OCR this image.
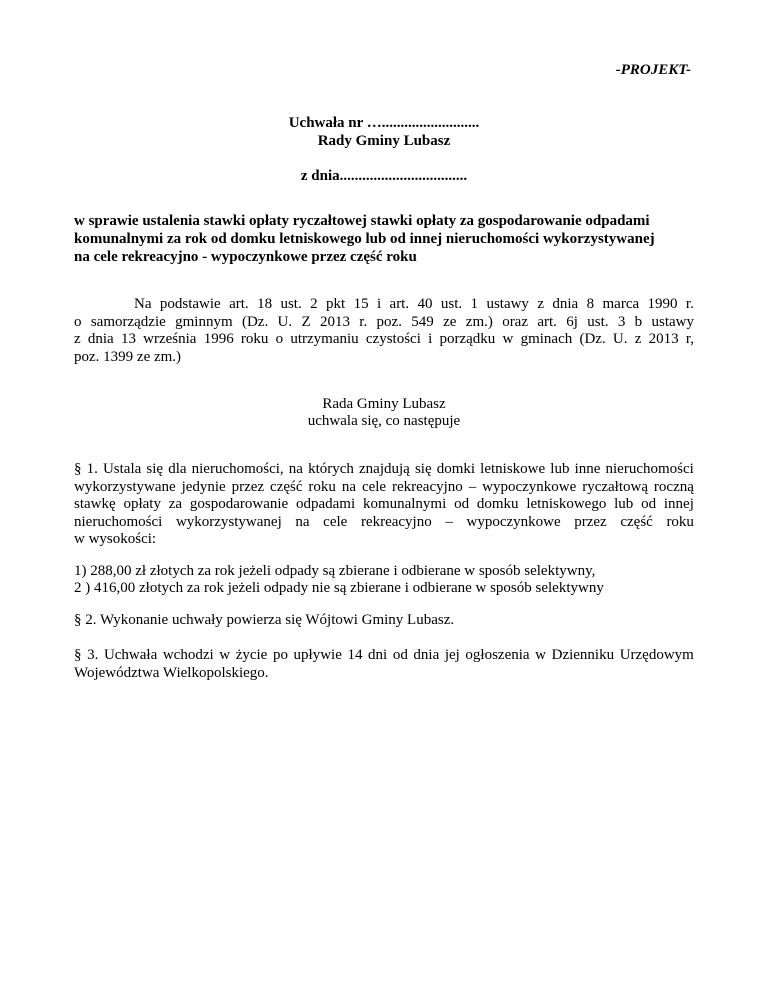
-PROJEKT-
Uchwała nr …..........................
Rady Gminy Lubasz
z dnia..................................
w sprawie ustalenia stawki opłaty ryczałtowej stawki opłaty za gospodarowanie odpadami
komunalnymi za rok od domku letniskowego lub od innej nieruchomości wykorzystywanej
na cele rekreacyjno - wypoczynkowe przez część roku
Na podstawie art. 18 ust. 2 pkt 15 i art. 40 ust. 1 ustawy z dnia 8 marca 1990 r.
o samorządzie gminnym (Dz. U. Z 2013 r. poz. 549 ze zm.) oraz art. 6j ust. 3 b ustawy
z dnia 13 września 1996 roku o utrzymaniu czystości i porządku w gminach (Dz. U. z 2013 r,
poz. 1399 ze zm.)
Rada Gminy Lubasz
uchwala się, co następuje
§ 1. Ustala się dla nieruchomości, na których znajdują się domki letniskowe lub inne nieruchomości
wykorzystywane jedynie przez część roku na cele rekreacyjno – wypoczynkowe ryczałtową roczną
stawkę opłaty za gospodarowanie odpadami komunalnymi od domku letniskowego lub od innej
nieruchomości wykorzystywanej na cele rekreacyjno – wypoczynkowe przez część roku
w wysokości:
1) 288,00 zł złotych za rok jeżeli odpady są zbierane i odbierane w sposób selektywny,
2 ) 416,00 złotych za rok jeżeli odpady nie są zbierane i odbierane w sposób selektywny
§ 2. Wykonanie uchwały powierza się Wójtowi Gminy Lubasz.
§ 3. Uchwała wchodzi w życie po upływie 14 dni od dnia jej ogłoszenia w Dzienniku Urzędowym
Województwa Wielkopolskiego.
